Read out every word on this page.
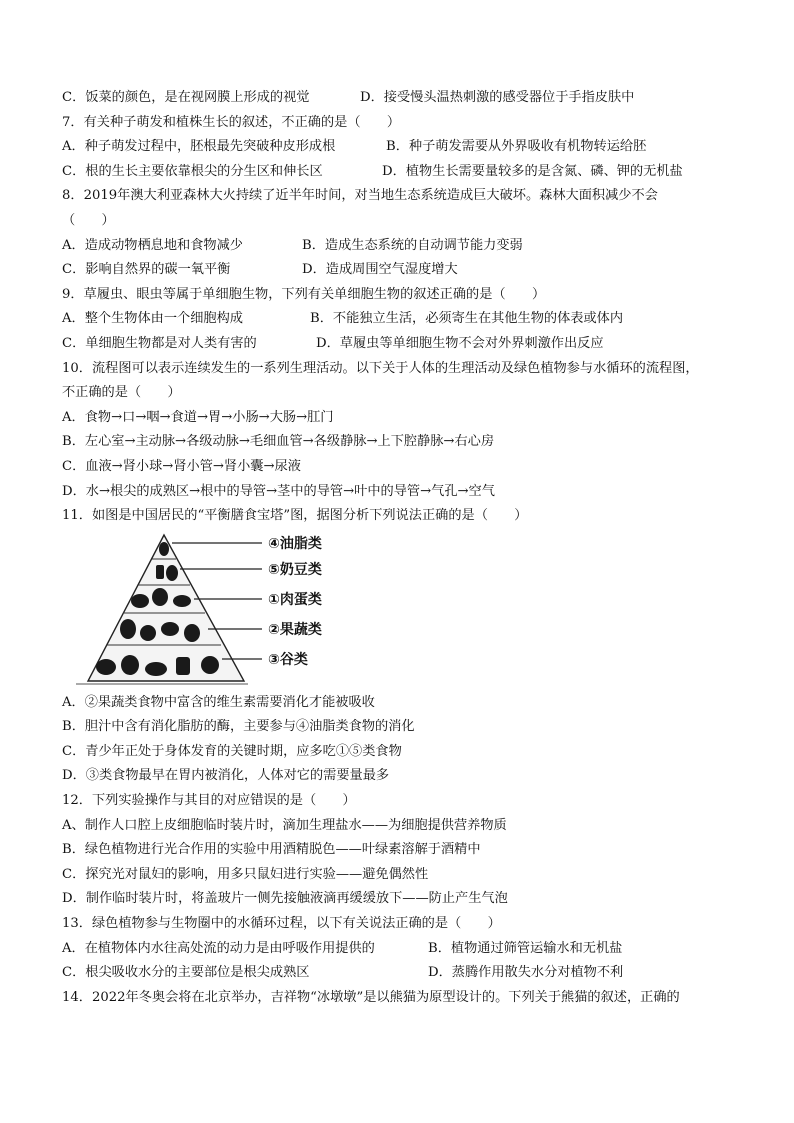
C．饭菜的颜色，是在视网膜上形成的视觉	D．接受慢头温热刺激的感受器位于手指皮肤中
7．有关种子萌发和植株生长的叙述，不正确的是（　　）
A．种子萌发过程中，胚根最先突破种皮形成根	B．种子萌发需要从外界吸收有机物转运给胚
C．根的生长主要依靠根尖的分生区和伸长区	D．植物生长需要量较多的是含氮、磷、钾的无机盐
8．2019年澳大利亚森林大火持续了近半年时间，对当地生态系统造成巨大破坏。森林大面积减少不会
（　　）
A．造成动物栖息地和食物减少	B．造成生态系统的自动调节能力变弱
C．影响自然界的碳一氧平衡	D．造成周围空气湿度增大
9．草履虫、眼虫等属于单细胞生物，下列有关单细胞生物的叙述正确的是（　　）
A．整个生物体由一个细胞构成	B．不能独立生活，必须寄生在其他生物的体表或体内
C．单细胞生物都是对人类有害的	D．草履虫等单细胞生物不会对外界刺激作出反应
10．流程图可以表示连续发生的一系列生理活动。以下关于人体的生理活动及绿色植物参与水循环的流程图，
不正确的是（　　）
A．食物→口→咽→食道→胃→小肠→大肠→肛门
B．左心室→主动脉→各级动脉→毛细血管→各级静脉→上下腔静脉→右心房
C．血液→肾小球→肾小管→肾小囊→尿液
D．水→根尖的成熟区→根中的导管→茎中的导管→叶中的导管→气孔→空气
11．如图是中国居民的“平衡膳食宝塔”图，据图分析下列说法正确的是（　　）
④油脂类
⑤奶豆类
①肉蛋类
②果蔬类
③谷类
A．②果蔬类食物中富含的维生素需要消化才能被吸收
B．胆汁中含有消化脂肪的酶，主要参与④油脂类食物的消化
C．青少年正处于身体发育的关键时期，应多吃①⑤类食物
D．③类食物最早在胃内被消化，人体对它的需要量最多
12．下列实验操作与其目的对应错误的是（　　）
A、制作人口腔上皮细胞临时装片时，滴加生理盐水——为细胞提供营养物质
B．绿色植物进行光合作用的实验中用酒精脱色——叶绿素溶解于酒精中
C．探究光对鼠妇的影响，用多只鼠妇进行实验——避免偶然性
D．制作临时装片时，将盖玻片一侧先接触液滴再缓缓放下——防止产生气泡
13．绿色植物参与生物圈中的水循环过程，以下有关说法正确的是（　　）
A．在植物体内水往高处流的动力是由呼吸作用提供的	B．植物通过筛管运输水和无机盐
C．根尖吸收水分的主要部位是根尖成熟区	D．蒸腾作用散失水分对植物不利
14．2022年冬奥会将在北京举办，吉祥物“冰墩墩”是以熊猫为原型设计的。下列关于熊猫的叙述，正确的
